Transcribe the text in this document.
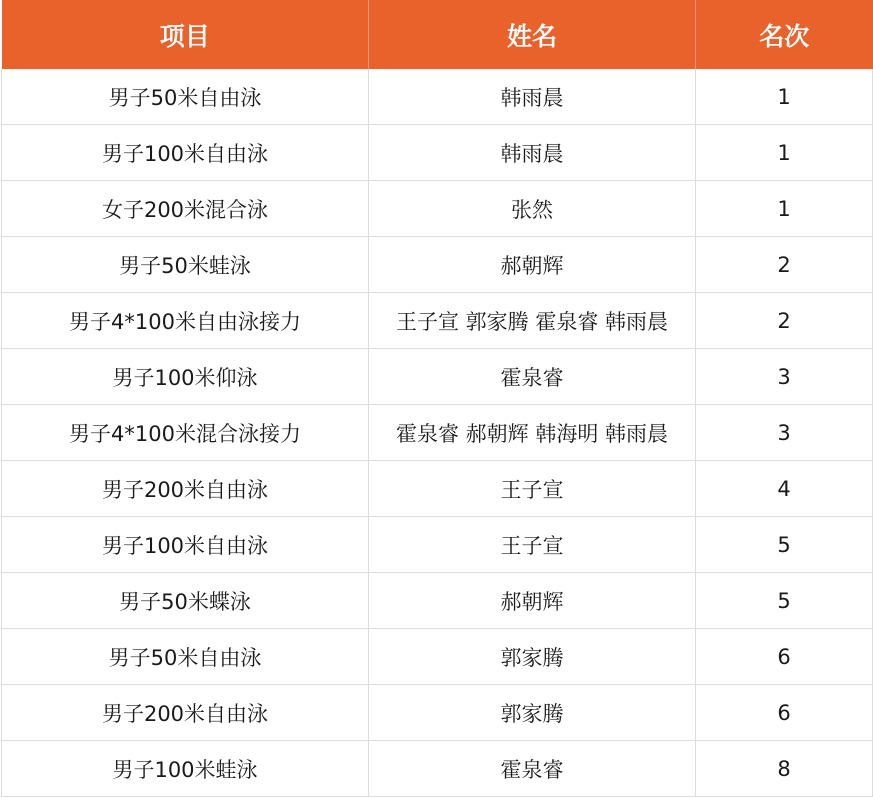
项目	姓名	名次
男子50米自由泳	韩雨晨	1
男子100米自由泳	韩雨晨	1
女子200米混合泳	张然	1
男子50米蛙泳	郝朝辉	2
男子4*100米自由泳接力	王子宣 郭家腾 霍泉睿 韩雨晨	2
男子100米仰泳	霍泉睿	3
男子4*100米混合泳接力	霍泉睿 郝朝辉 韩海明 韩雨晨	3
男子200米自由泳	王子宣	4
男子100米自由泳	王子宣	5
男子50米蝶泳	郝朝辉	5
男子50米自由泳	郭家腾	6
男子200米自由泳	郭家腾	6
男子100米蛙泳	霍泉睿	8
